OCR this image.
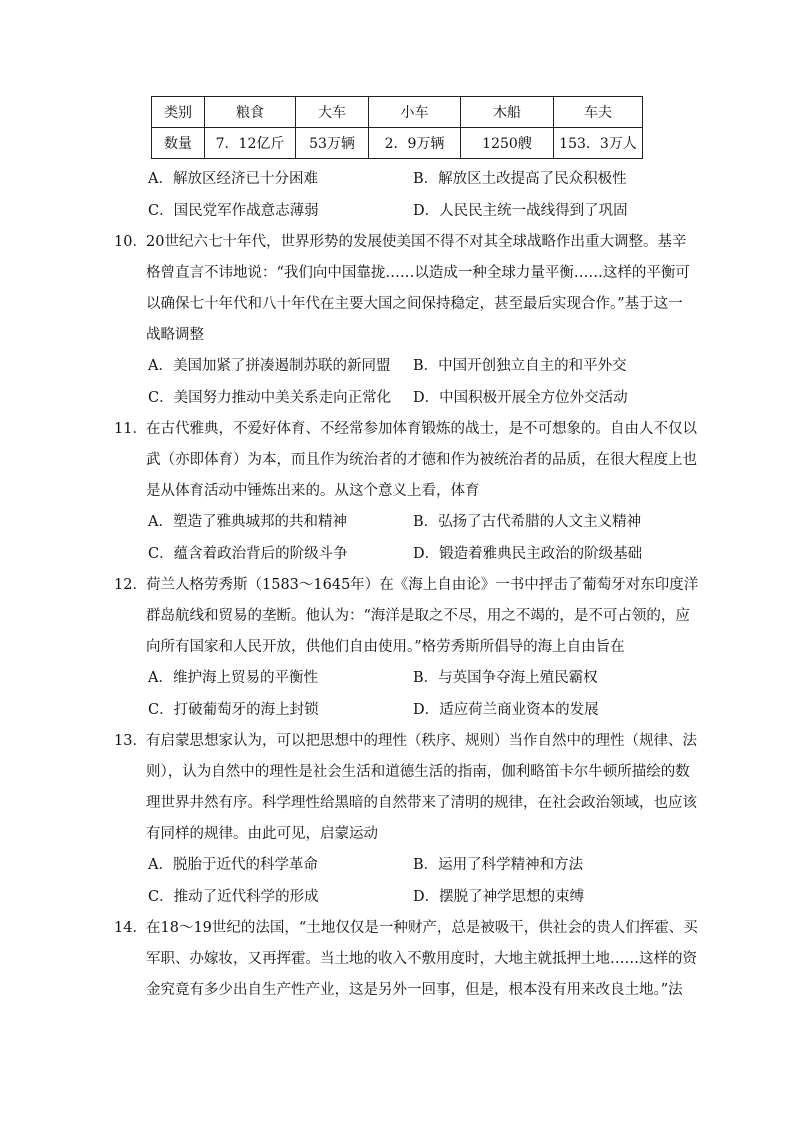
类别	粮食	大车	小车	木船	车夫
数量	7．12亿斤	53万辆	2．9万辆	1250艘	153．3万人
A．解放区经济已十分困难	B．解放区土改提高了民众积极性
C．国民党军作战意志薄弱	D．人民民主统一战线得到了巩固
10．20世纪六七十年代，世界形势的发展使美国不得不对其全球战略作出重大调整。基辛
格曾直言不讳地说：“我们向中国靠拢……以造成一种全球力量平衡……这样的平衡可
以确保七十年代和八十年代在主要大国之间保持稳定，甚至最后实现合作。”基于这一
战略调整
A．美国加紧了拼凑遏制苏联的新同盟 B．中国开创独立自主的和平外交
C．美国努力推动中美关系走向正常化 D．中国积极开展全方位外交活动
11．在古代雅典，不爱好体育、不经常参加体育锻炼的战士，是不可想象的。自由人不仅以
武（亦即体育）为本，而且作为统治者的才德和作为被统治者的品质，在很大程度上也
是从体育活动中锤炼出来的。从这个意义上看，体育
A．塑造了雅典城邦的共和精神	B．弘扬了古代希腊的人文主义精神
C．蕴含着政治背后的阶级斗争	D．锻造着雅典民主政治的阶级基础
12．荷兰人格劳秀斯（1583～1645年）在《海上自由论》一书中抨击了葡萄牙对东印度洋
群岛航线和贸易的垄断。他认为：“海洋是取之不尽，用之不竭的，是不可占领的，应
向所有国家和人民开放，供他们自由使用。”格劳秀斯所倡导的海上自由旨在
A．维护海上贸易的平衡性	B．与英国争夺海上殖民霸权
C．打破葡萄牙的海上封锁	D．适应荷兰商业资本的发展
13．有启蒙思想家认为，可以把思想中的理性（秩序、规则）当作自然中的理性（规律、法
则），认为自然中的理性是社会生活和道德生活的指南，伽利略笛卡尔牛顿所描绘的数
理世界井然有序。科学理性给黑暗的自然带来了清明的规律，在社会政治领域，也应该
有同样的规律。由此可见，启蒙运动
A．脱胎于近代的科学革命	B．运用了科学精神和方法
C．推动了近代科学的形成	D．摆脱了神学思想的束缚
14．在18～19世纪的法国，“土地仅仅是一种财产，总是被吸干，供社会的贵人们挥霍、买
军职、办嫁妆，又再挥霍。当土地的收入不敷用度时，大地主就抵押土地……这样的资
金究竟有多少出自生产性产业，这是另外一回事，但是，根本没有用来改良土地。”法
